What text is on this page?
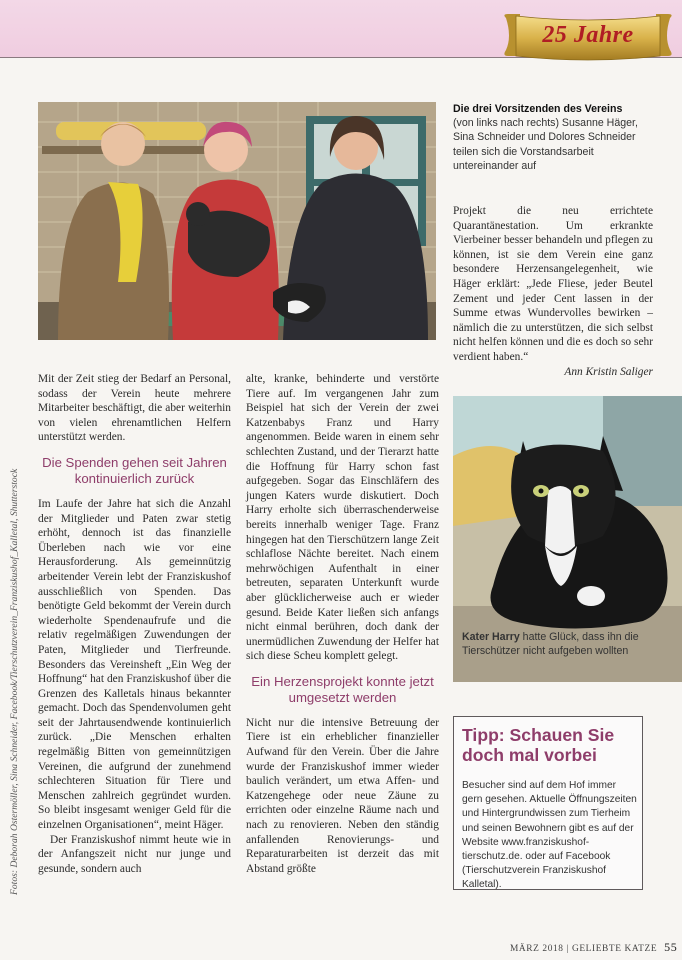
25 Jahre
Die drei Vorsitzenden des Vereins
(von links nach rechts) Susanne Häger, Sina Schneider und Dolores Schneider teilen sich die Vorstandsarbeit untereinander auf

Projekt die neu errichtete Quarantänestation. Um erkrankte Vierbeiner besser behandeln und pflegen zu können, ist sie dem Verein eine ganz besondere Herzensangelegenheit, wie Häger erklärt: „Jede Fliese, jeder Beutel Zement und jeder Cent lassen in der Summe etwas Wundervolles bewirken – nämlich die zu unterstützen, die sich selbst nicht helfen können und die es doch so sehr verdient haben.“

Ann Kristin Saliger

Mit der Zeit stieg der Bedarf an Personal, sodass der Verein heute mehrere Mitarbeiter beschäftigt, die aber weiterhin von vielen ehrenamtlichen Helfern unterstützt werden.

Die Spenden gehen seit Jahren kontinuierlich zurück

Im Laufe der Jahre hat sich die Anzahl der Mitglieder und Paten zwar stetig erhöht, dennoch ist das finanzielle Überleben nach wie vor eine Herausforderung. Als gemeinnützig arbeitender Verein lebt der Franziskushof ausschließlich von Spenden. Das benötigte Geld bekommt der Verein durch wiederholte Spendenaufrufe und die relativ regelmäßigen Zuwendungen der Paten, Mitglieder und Tierfreunde. Besonders das Vereinsheft „Ein Weg der Hoffnung“ hat den Franziskushof über die Grenzen des Kalletals hinaus bekannter gemacht. Doch das Spendenvolumen geht seit der Jahrtausendwende kontinuierlich zurück. „Die Menschen erhalten regelmäßig Bitten von gemeinnützigen Vereinen, die aufgrund der zunehmend schlechteren Situation für Tiere und Menschen zahlreich gegründet wurden. So bleibt insgesamt weniger Geld für die einzelnen Organisationen“, meint Häger.

Der Franziskushof nimmt heute wie in der Anfangszeit nicht nur junge und gesunde, sondern auch

alte, kranke, behinderte und verstörte Tiere auf. Im vergangenen Jahr zum Beispiel hat sich der Verein der zwei Katzenbabys Franz und Harry angenommen. Beide waren in einem sehr schlechten Zustand, und der Tierarzt hatte die Hoffnung für Harry schon fast aufgegeben. Sogar das Einschläfern des jungen Katers wurde diskutiert. Doch Harry erholte sich überraschenderweise bereits innerhalb weniger Tage. Franz hingegen hat den Tierschützern lange Zeit schlaflose Nächte bereitet. Nach einem mehrwöchigen Aufenthalt in einer betreuten, separaten Unterkunft wurde aber glücklicherweise auch er wieder gesund. Beide Kater ließen sich anfangs nicht einmal berühren, doch dank der unermüdlichen Zuwendung der Helfer hat sich diese Scheu komplett gelegt.

Ein Herzensprojekt konnte jetzt umgesetzt werden

Nicht nur die intensive Betreuung der Tiere ist ein erheblicher finanzieller Aufwand für den Verein. Über die Jahre wurde der Franziskushof immer wieder baulich verändert, um etwa Affen- und Katzengehege oder neue Zäune zu errichten oder einzelne Räume nach und nach zu renovieren. Neben den ständig anfallenden Renovierungs- und Reparaturarbeiten ist derzeit das mit Abstand größte

Kater Harry hatte Glück, dass ihn die Tierschützer nicht aufgeben wollten
Tipp: Schauen Sie doch mal vorbei
Besucher sind auf dem Hof immer gern gesehen. Aktuelle Öffnungszeiten und Hintergrundwissen zum Tierheim und seinen Bewohnern gibt es auf der Website www.franziskushof-tierschutz.de. oder auf Facebook (Tierschutzverein Franziskushof Kalletal).
Fotos: Deborah Ostermöller, Sina Schneider, Facebook/Tierschutzverein_Franziskushof_Kalletal, Shutterstock
MÄRZ 2018 | GELIEBTE KATZE 55
